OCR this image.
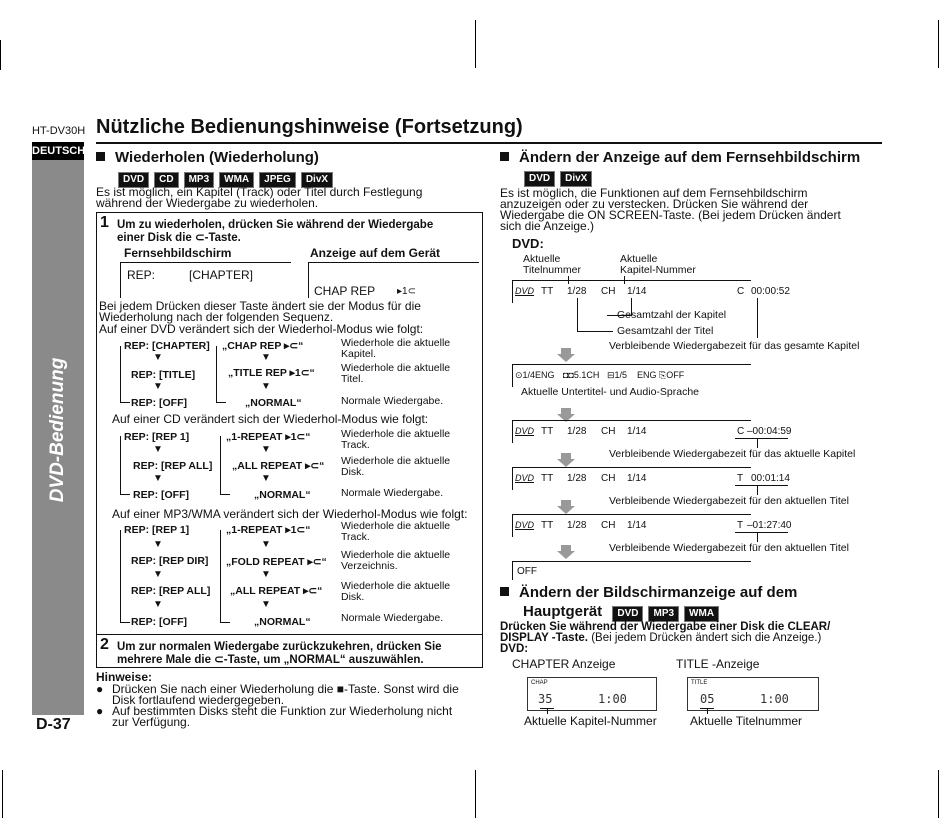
HT-DV30H Nützliche Bedienungshinweise (Fortsetzung)
DEUTSCH
DVD-Bedienung
D-37
Wiederholen (Wiederholung)
DVD CD MP3 WMA JPEG DivX
Es ist möglich, ein Kapitel (Track) oder Titel durch Festlegung
während der Wiedergabe zu wiederholen.
1 Um zu wiederholen, drücken Sie während der Wiedergabe
einer Disk die ⊂-Taste.
Fernsehbildschirm	Anzeige auf dem Gerät
REP:	[CHAPTER]
CHAP REP ▸1⊂
Bei jedem Drücken dieser Taste ändert sie der Modus für die
Wiederholung nach der folgenden Sequenz.
Auf einer DVD verändert sich der Wiederhol-Modus wie folgt:
REP: [CHAPTER] „CHAP REP ▸⊂“	Wiederhole die aktuelle
Kapitel.
▼	▼
REP: [TITLE]	„TITLE REP ▸1⊂“ Wiederhole die aktuelle
Titel.
▼	▼
REP: [OFF]	„NORMAL“	Normale Wiedergabe.
Auf einer CD verändert sich der Wiederhol-Modus wie folgt:
REP: [REP 1]	„1-REPEAT ▸1⊂“	Wiederhole die aktuelle
Track.
▼	▼
REP: [REP ALL] „ALL REPEAT ▸⊂“ Wiederhole die aktuelle
Disk.
▼	▼
REP: [OFF]	„NORMAL“	Normale Wiedergabe.
Auf einer MP3/WMA verändert sich der Wiederhol-Modus wie folgt:
REP: [REP 1]	„1-REPEAT ▸1⊂“	Wiederhole die aktuelle
Track.
▼	▼
REP: [REP DIR] „FOLD REPEAT ▸⊂“
Wiederhole die aktuelle
Verzeichnis.
▼	▼
REP: [REP ALL] „ALL REPEAT ▸⊂“ Wiederhole die aktuelle
Disk.
▼	▼
REP: [OFF]	„NORMAL“	Normale Wiedergabe.
2 Um zur normalen Wiedergabe zurückzukehren, drücken Sie
mehrere Male die ⊂-Taste, um „NORMAL“ auszuwählen.
Hinweise:
● Drücken Sie nach einer Wiederholung die ■-Taste. Sonst wird die
Disk fortlaufend wiedergegeben.
● Auf bestimmten Disks steht die Funktion zur Wiederholung nicht
zur Verfügung.
Ändern der Anzeige auf dem Fernsehbildschirm
DVD DivX
Es ist möglich, die Funktionen auf dem Fernsehbildschirm
anzuzeigen oder zu verstecken. Drücken Sie während der
Wiedergabe die ON SCREEN-Taste. (Bei jedem Drücken ändert
sich die Anzeige.)
DVD:
Aktuelle
Titelnummer
Aktuelle
Kapitel-Nummer
DVD TT 1/28 CH 1/14	C 00:00:52
Gesamtzahl der Kapitel
Gesamtzahl der Titel
Verbleibende Wiedergabezeit für das gesamte Kapitel
⊙1/4ENG ◘◘5.1CH ⊟1/5 ENG ⎘OFF
Aktuelle Untertitel- und Audio-Sprache
DVD TT 1/28 CH 1/14	C –00:04:59
Verbleibende Wiedergabezeit für das aktuelle Kapitel
DVD TT 1/28 CH 1/14	T 00:01:14
Verbleibende Wiedergabezeit für den aktuellen Titel
DVD TT 1/28 CH 1/14	T –01:27:40
Verbleibende Wiedergabezeit für den aktuellen Titel
OFF
Ändern der Bildschirmanzeige auf dem
Hauptgerät DVD MP3 WMA
Drücken Sie während der Wiedergabe einer Disk die CLEAR/
DISPLAY -Taste. (Bei jedem Drücken ändert sich die Anzeige.)
DVD:
CHAPTER Anzeige	TITLE -Anzeige
CHAP
35	1:00
TITLE
05	1:00
Aktuelle Kapitel-Nummer	Aktuelle Titelnummer
